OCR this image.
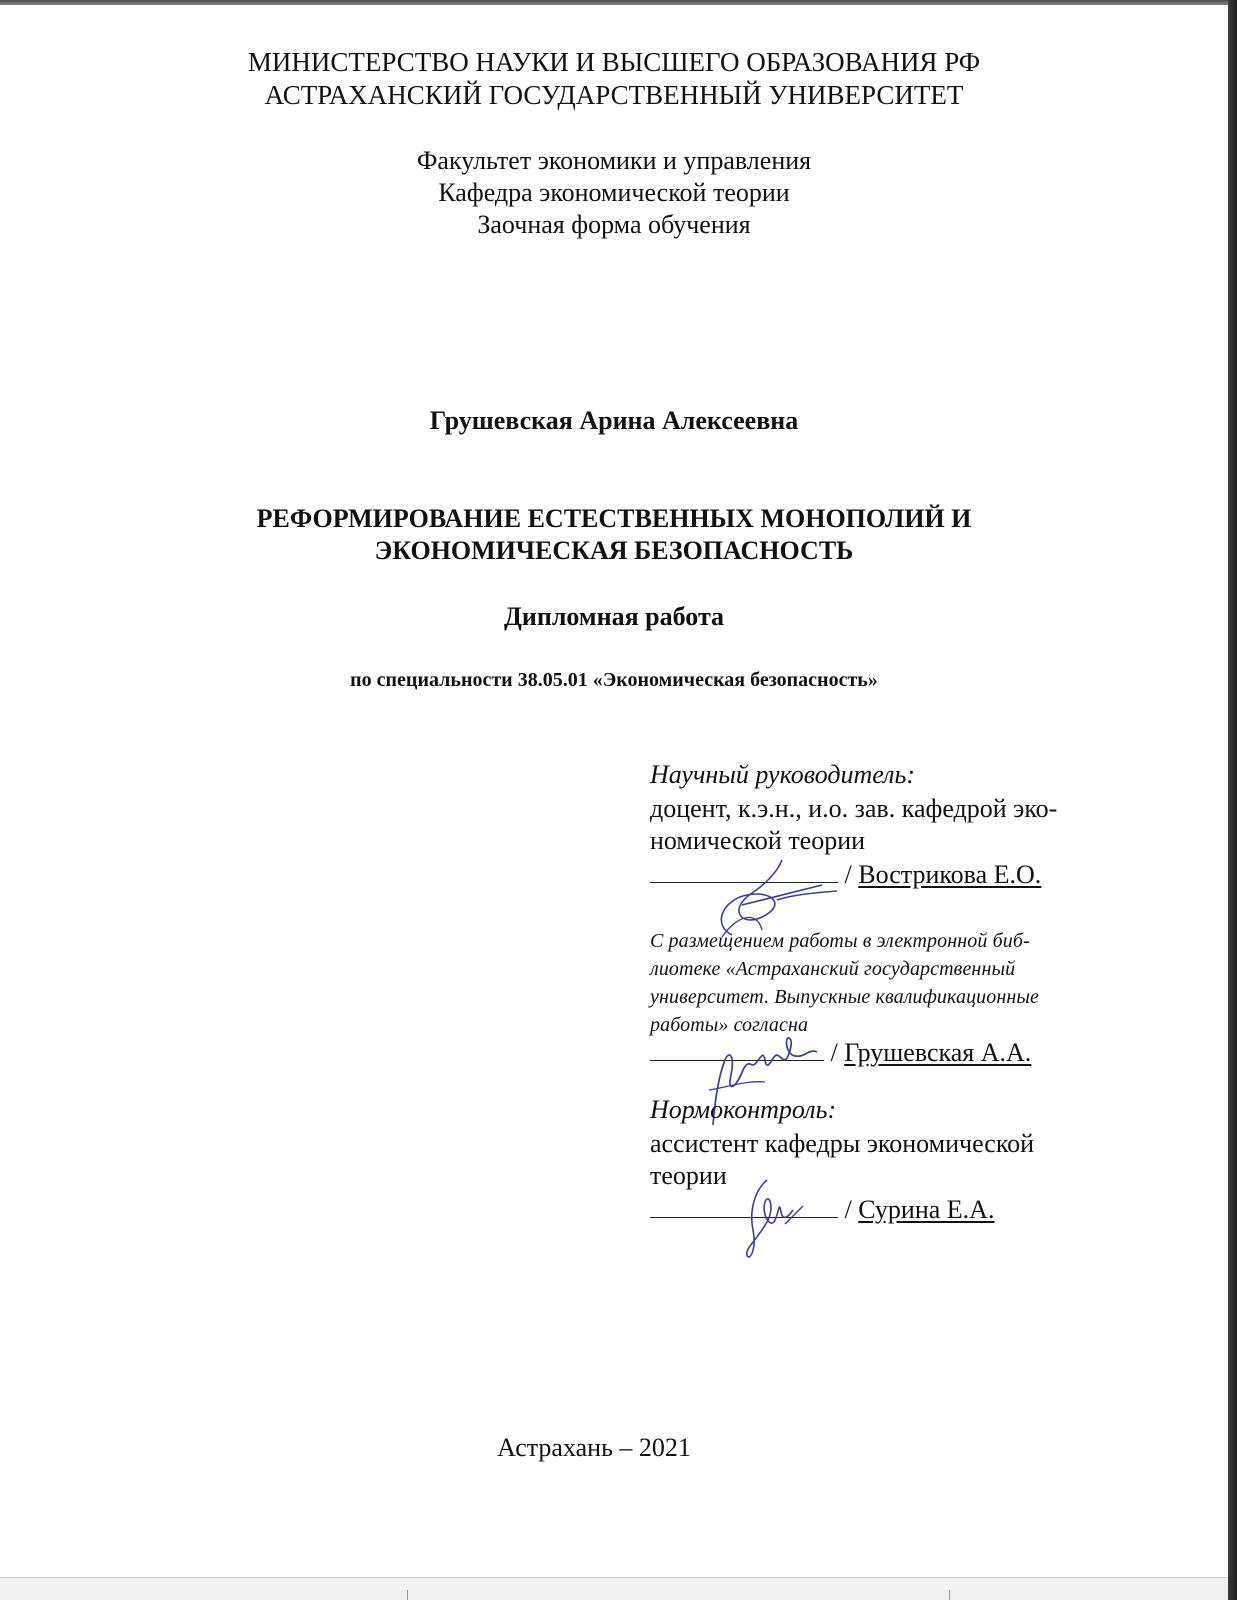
МИНИСТЕРСТВО НАУКИ И ВЫСШЕГО ОБРАЗОВАНИЯ РФ
АСТРАХАНСКИЙ ГОСУДАРСТВЕННЫЙ УНИВЕРСИТЕТ
Факультет экономики и управления
Кафедра экономической теории
Заочная форма обучения
Грушевская Арина Алексеевна
РЕФОРМИРОВАНИЕ ЕСТЕСТВЕННЫХ МОНОПОЛИЙ И
ЭКОНОМИЧЕСКАЯ БЕЗОПАСНОСТЬ
Дипломная работа
по специальности 38.05.01 «Экономическая безопасность»
Научный руководитель:
доцент, к.э.н., и.о. зав. кафедрой эко-
номической теории
/ Вострикова Е.О.
С размещением работы в электронной биб-
лиотеке «Астраханский государственный
университет. Выпускные квалификационные
работы» согласна
/ Грушевская А.А.
Нормоконтроль:
ассистент кафедры экономической
теории
/ Сурина Е.А.
Астрахань – 2021
